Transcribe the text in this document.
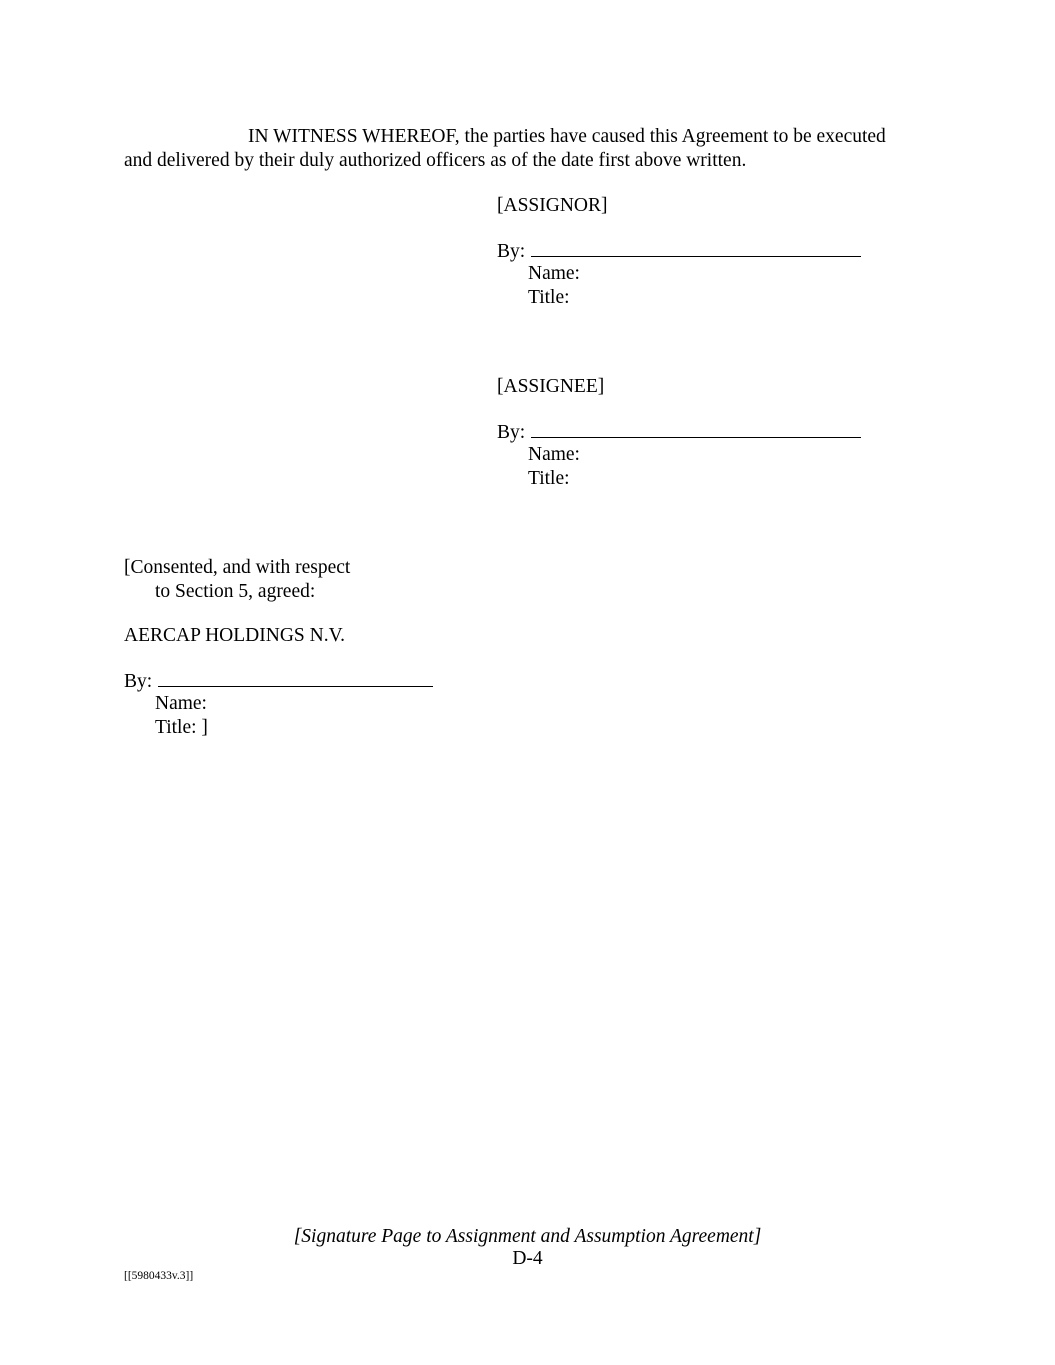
IN WITNESS WHEREOF, the parties have caused this Agreement to be executed
and delivered by their duly authorized officers as of the date first above written.
[ASSIGNOR]
By:
Name:
Title:
[ASSIGNEE]
By:
Name:
Title:
[Consented, and with respect
to Section 5, agreed:
AERCAP HOLDINGS N.V.
By:
Name:
Title: ]
[Signature Page to Assignment and Assumption Agreement]
D-4
[[5980433v.3]]
